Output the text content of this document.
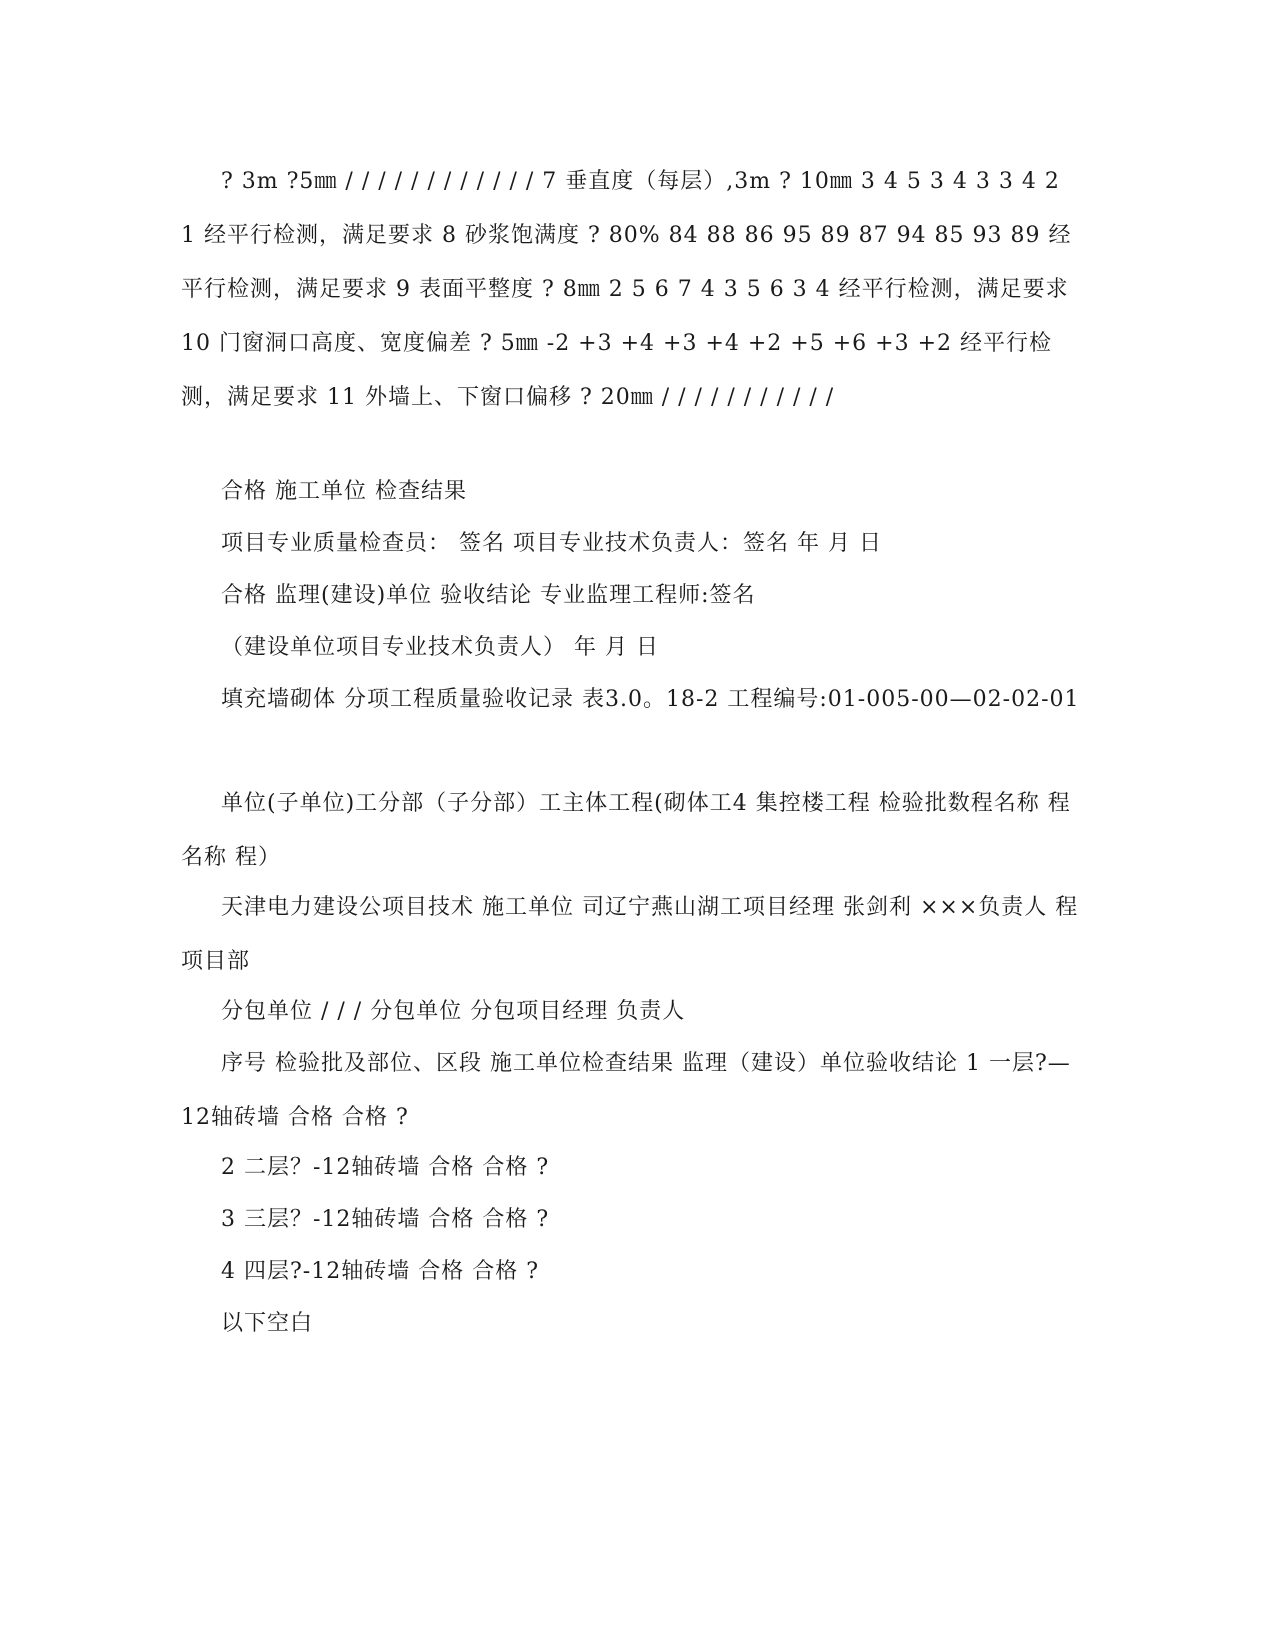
? 3m ?5㎜ / / / / / / / / / / / / 7 垂直度（每层）,3m ? 10㎜ 3 4 5 3 4 3 3 4 2 1 经平行检测，满足要求 8 砂浆饱满度 ? 80% 84 88 86 95 89 87 94 85 93 89 经平行检测，满足要求 9 表面平整度 ? 8㎜ 2 5 6 7 4 3 5 6 3 4 经平行检测，满足要求 10 门窗洞口高度、宽度偏差 ? 5㎜ -2 +3 +4 +3 +4 +2 +5 +6 +3 +2 经平行检测，满足要求 11 外墙上、下窗口偏移 ? 20㎜ / / / / / / / / / / /

合格 施工单位 检查结果

项目专业质量检查员： 签名 项目专业技术负责人：签名 年 月 日

合格 监理(建设)单位 验收结论 专业监理工程师:签名

（建设单位项目专业技术负责人） 年 月 日

填充墙砌体 分项工程质量验收记录 表3.0。18-2 工程编号:01-005-00—02-02-01

单位(子单位)工分部（子分部）工主体工程(砌体工4 集控楼工程 检验批数程名称 程名称 程）

天津电力建设公项目技术 施工单位 司辽宁燕山湖工项目经理 张剑利 ×××负责人 程项目部

分包单位 / / / 分包单位 分包项目经理 负责人

序号 检验批及部位、区段 施工单位检查结果 监理（建设）单位验收结论 1 一层?—12轴砖墙 合格 合格 ?

2 二层？-12轴砖墙 合格 合格 ?

3 三层？-12轴砖墙 合格 合格 ?

4 四层?-12轴砖墙 合格 合格 ?

以下空白
